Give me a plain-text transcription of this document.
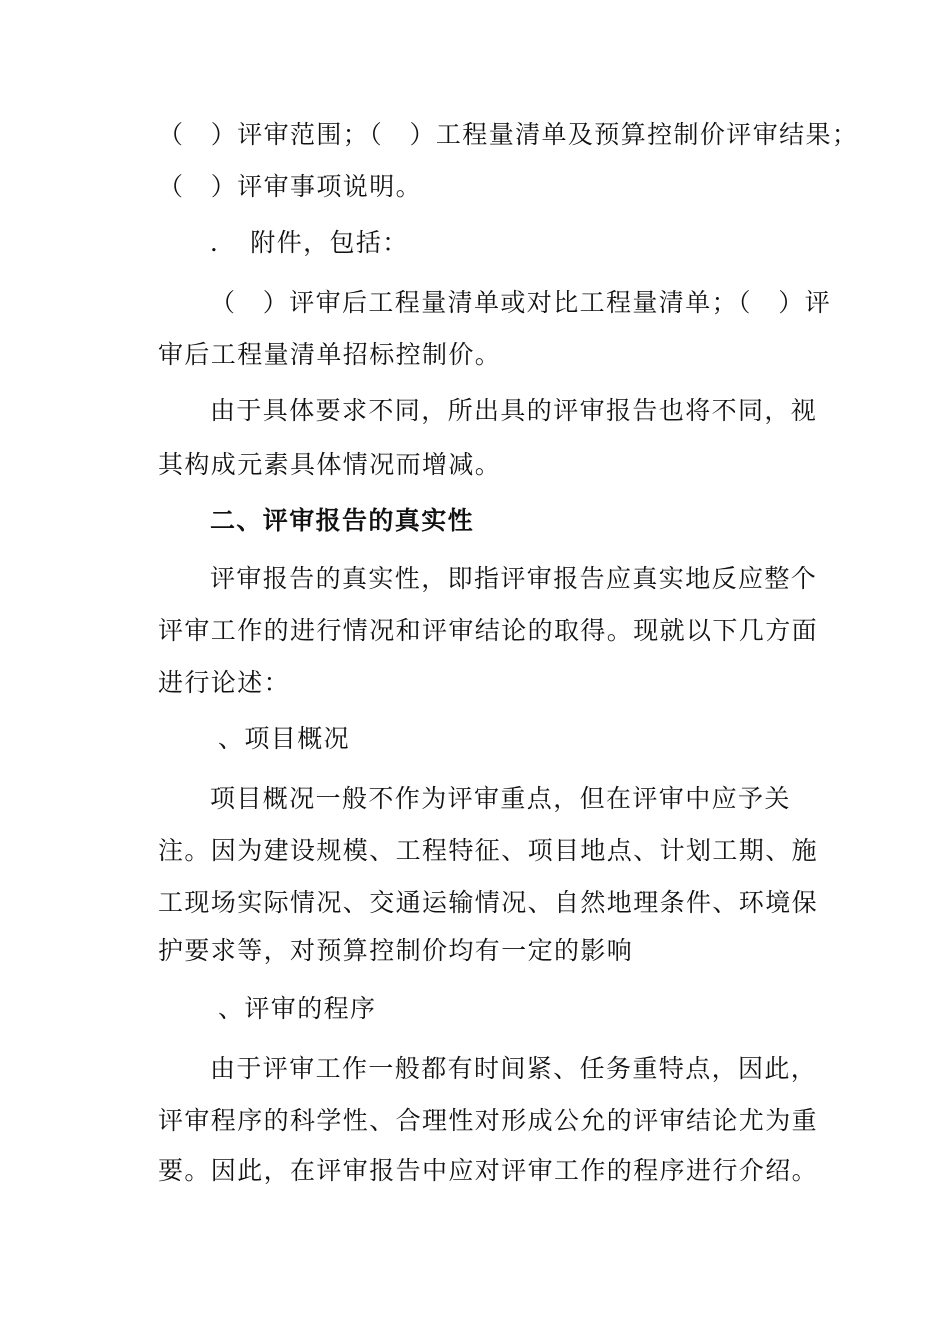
（　）评审范围；（　）工程量清单及预算控制价评审结果；
（　）评审事项说明。
．　附件，包括：
（　）评审后工程量清单或对比工程量清单；（　）评
审后工程量清单招标控制价。
由于具体要求不同，所出具的评审报告也将不同，视
其构成元素具体情况而增减。
二、评审报告的真实性
评审报告的真实性，即指评审报告应真实地反应整个
评审工作的进行情况和评审结论的取得。现就以下几方面
进行论述：
、项目概况
项目概况一般不作为评审重点，但在评审中应予关
注。因为建设规模、工程特征、项目地点、计划工期、施
工现场实际情况、交通运输情况、自然地理条件、环境保
护要求等，对预算控制价均有一定的影响
、评审的程序
由于评审工作一般都有时间紧、任务重特点，因此，
评审程序的科学性、合理性对形成公允的评审结论尤为重
要。因此，在评审报告中应对评审工作的程序进行介绍。
